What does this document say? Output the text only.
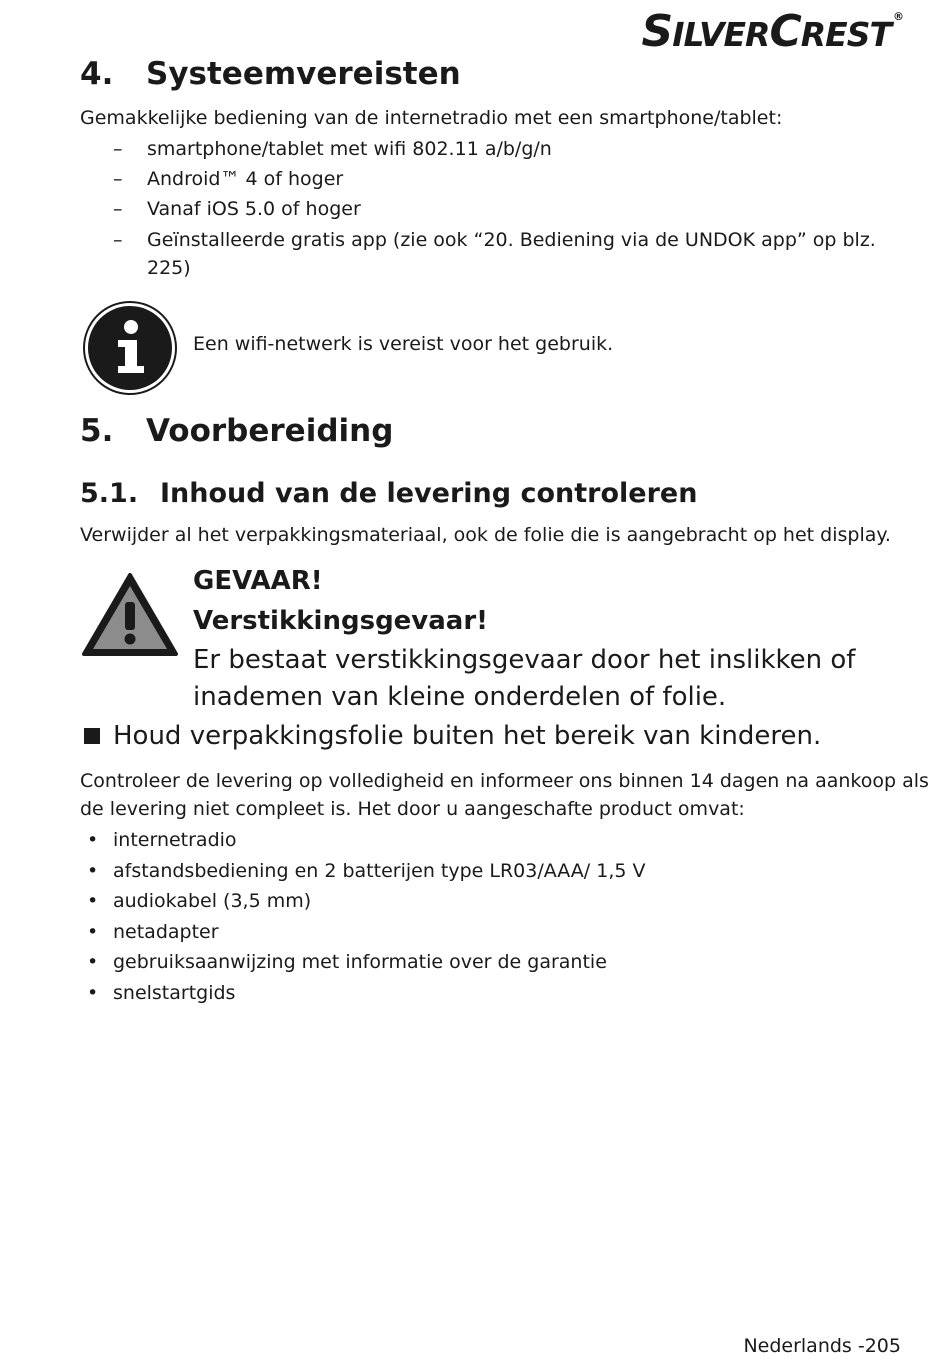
SILVERCREST ®
4. Systeemvereisten
Gemakkelijke bediening van de internetradio met een smartphone/tablet:
– smartphone/tablet met wifi 802.11 a/b/g/n
– Android™ 4 of hoger
– Vanaf iOS 5.0 of hoger
– Geïnstalleerde gratis app (zie ook “20. Bediening via de UNDOK app” op blz.
225)
Een wifi-netwerk is vereist voor het gebruik.
5. Voorbereiding
5.1. Inhoud van de levering controleren
Verwijder al het verpakkingsmateriaal, ook de folie die is aangebracht op het display.
GEVAAR!
Verstikkingsgevaar!
Er bestaat verstikkingsgevaar door het inslikken of
inademen van kleine onderdelen of folie.
Houd verpakkingsfolie buiten het bereik van kinderen.
Controleer de levering op volledigheid en informeer ons binnen 14 dagen na aankoop als
de levering niet compleet is. Het door u aangeschafte product omvat:
• internetradio
• afstandsbediening en 2 batterijen type LR03/AAA/ 1,5 V
• audiokabel (3,5 mm)
• netadapter
• gebruiksaanwijzing met informatie over de garantie
• snelstartgids
Nederlands -205
